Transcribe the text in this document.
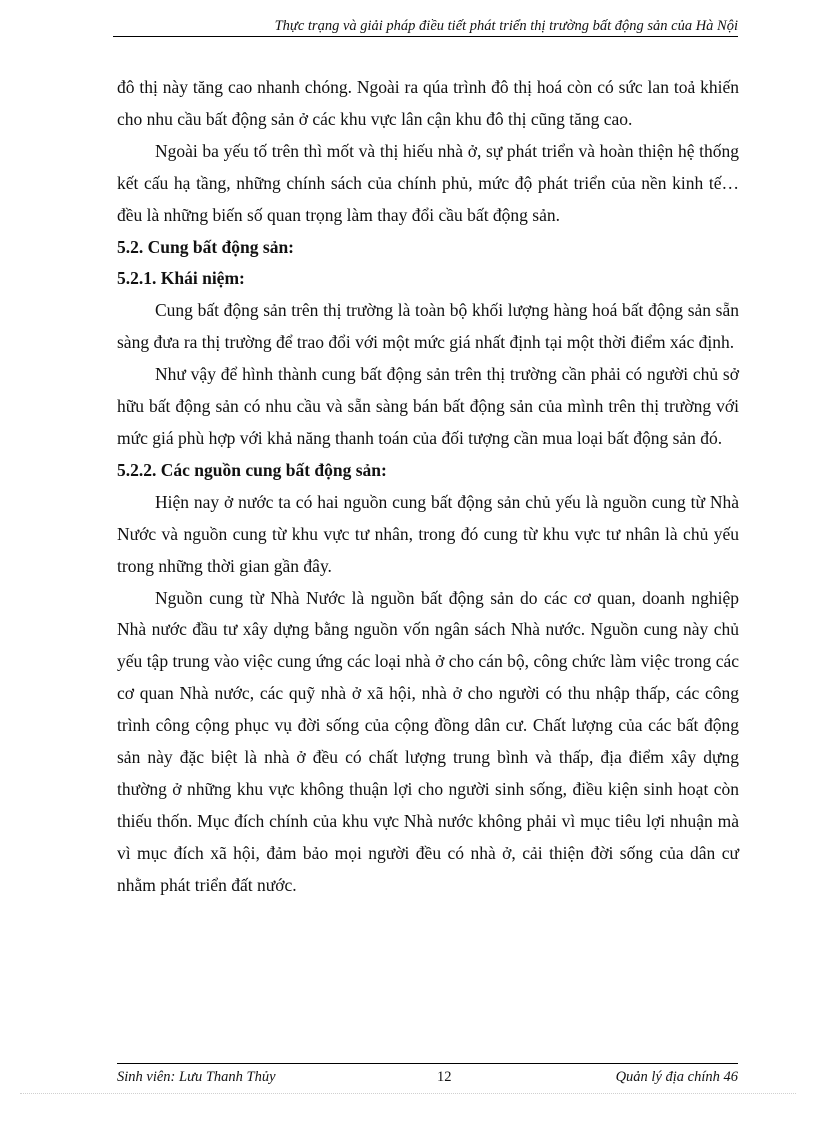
Thực trạng và giải pháp điều tiết phát triển thị trường bất động sản của Hà Nội

đô thị này tăng cao nhanh chóng. Ngoài ra qúa trình đô thị hoá còn có sức lan toả khiến cho nhu cầu bất động sản ở các khu vực lân cận khu đô thị cũng tăng cao.

Ngoài ba yếu tố trên thì mốt và thị hiếu nhà ở, sự phát triển và hoàn thiện hệ thống kết cấu hạ tầng, những chính sách của chính phủ, mức độ phát triển của nền kinh tế… đều là những biến số quan trọng làm thay đổi cầu bất động sản.

5.2. Cung bất động sản:

5.2.1. Khái niệm:

Cung bất động sản trên thị trường là toàn bộ khối lượng hàng hoá bất động sản sẵn sàng đưa ra thị trường để trao đổi với một mức giá nhất định tại một thời điểm xác định.

Như vậy để hình thành cung bất động sản trên thị trường cần phải có người chủ sở hữu bất động sản có nhu cầu và sẵn sàng bán bất động sản của mình trên thị trường với mức giá phù hợp với khả năng thanh toán của đối tượng cần mua loại bất động sản đó.

5.2.2. Các nguồn cung bất động sản:

Hiện nay ở nước ta có hai nguồn cung bất động sản chủ yếu là nguồn cung từ Nhà Nước và nguồn cung từ khu vực tư nhân, trong đó cung từ khu vực tư nhân là chủ yếu trong những thời gian gần đây.

Nguồn cung từ Nhà Nước là nguồn bất động sản do các cơ quan, doanh nghiệp Nhà nước đầu tư xây dựng bằng nguồn vốn ngân sách Nhà nước. Nguồn cung này chủ yếu tập trung vào việc cung ứng các loại nhà ở cho cán bộ, công chức làm việc trong các cơ quan Nhà nước, các quỹ nhà ở xã hội, nhà ở cho người có thu nhập thấp, các công trình công cộng phục vụ đời sống của cộng đồng dân cư. Chất lượng của các bất động sản này đặc biệt là nhà ở đều có chất lượng trung bình và thấp, địa điểm xây dựng thường ở những khu vực không thuận lợi cho người sinh sống, điều kiện sinh hoạt còn thiếu thốn. Mục đích chính của khu vực Nhà nước không phải vì mục tiêu lợi nhuận mà vì mục đích xã hội, đảm bảo mọi người đều có nhà ở, cải thiện đời sống của dân cư nhằm phát triển đất nước.

Sinh viên: Lưu Thanh Thủy	12	Quản lý địa chính 46
